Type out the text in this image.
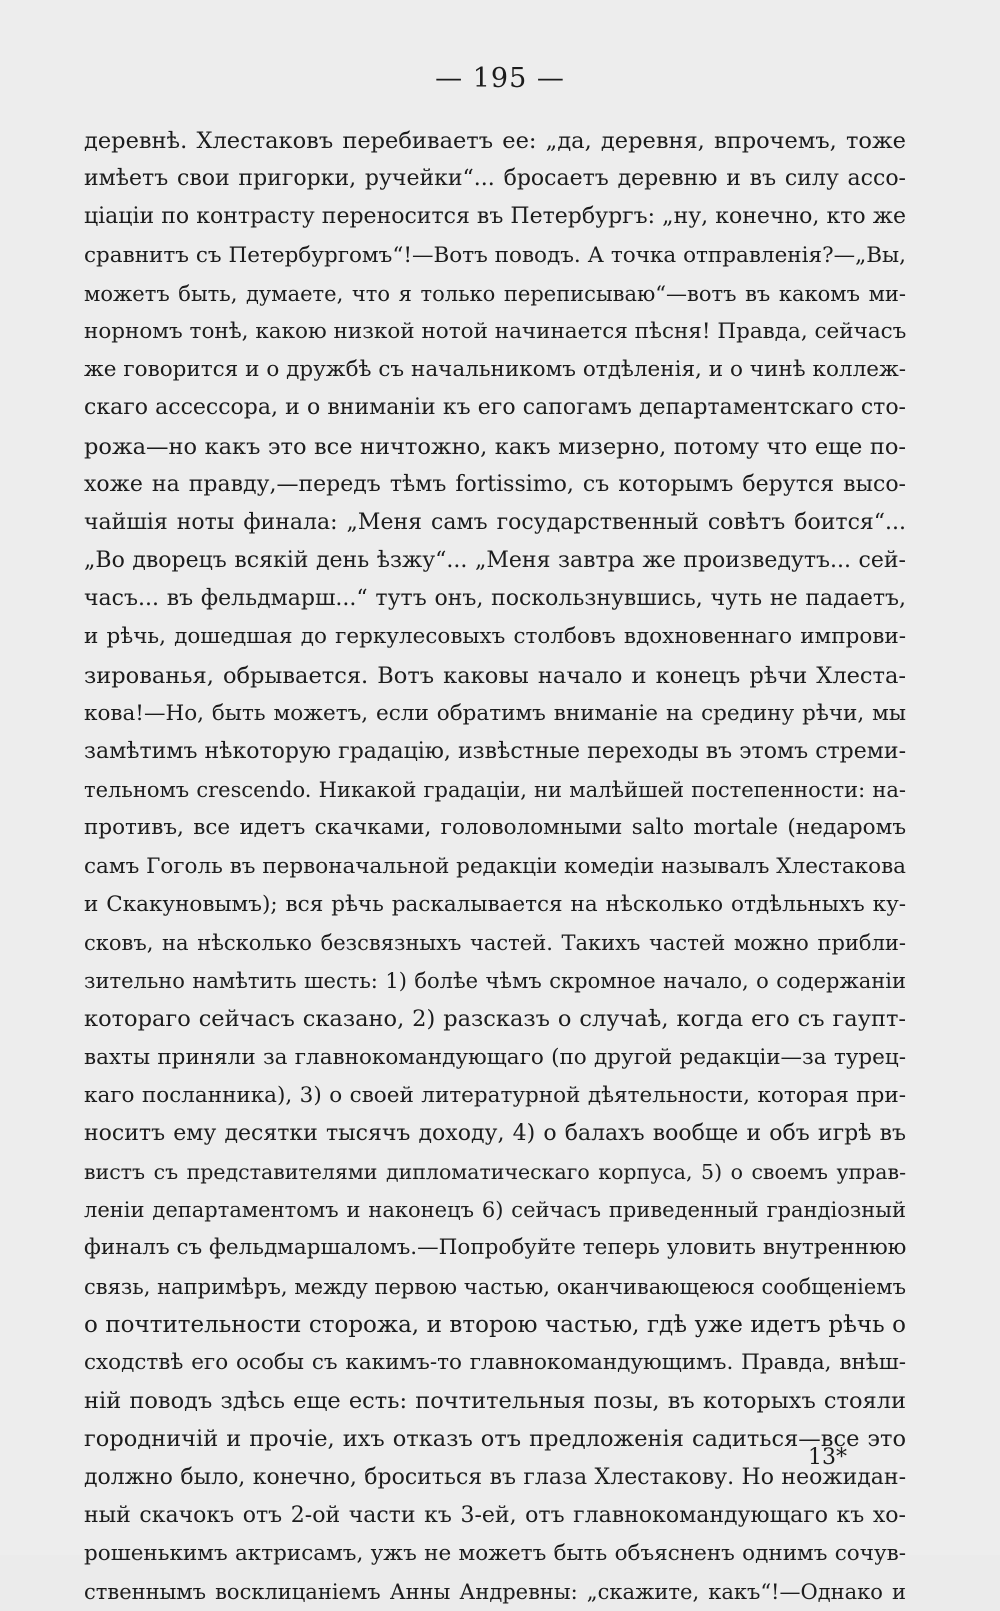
— 195 —
деревнѣ. Хлестаковъ перебиваетъ ее: „да, деревня, впрочемъ, тоже
имѣетъ свои пригорки, ручейки“... бросаетъ деревню и въ силу ассо-
ціаціи по контрасту переносится въ Петербургъ: „ну, конечно, кто же
сравнитъ съ Петербургомъ“!—Вотъ поводъ. А точка отправленія?—„Вы,
можетъ быть, думаете, что я только переписываю“—вотъ въ какомъ ми-
норномъ тонѣ, какою низкой нотой начинается пѣсня! Правда, сейчасъ
же говорится и о дружбѣ съ начальникомъ отдѣленія, и о чинѣ коллеж-
скаго ассессора, и о вниманіи къ его сапогамъ департаментскаго сто-
рожа—но какъ это все ничтожно, какъ мизерно, потому что еще по-
хоже на правду,—передъ тѣмъ fortissimo, съ которымъ берутся высо-
чайшія ноты финала: „Меня самъ государственный совѣтъ боится“...
„Во дворецъ всякій день ѣзжу“... „Меня завтра же произведутъ... сей-
часъ... въ фельдмарш...“ тутъ онъ, поскользнувшись, чуть не падаетъ,
и рѣчь, дошедшая до геркулесовыхъ столбовъ вдохновеннаго импрови-
зированья, обрывается. Вотъ каковы начало и конецъ рѣчи Хлеста-
кова!—Но, быть можетъ, если обратимъ вниманіе на средину рѣчи, мы
замѣтимъ нѣкоторую градацію, извѣстные переходы въ этомъ стреми-
тельномъ crescendo. Никакой градаціи, ни малѣйшей постепенности: на-
противъ, все идетъ скачками, головоломными salto mortale (недаромъ
самъ Гоголь въ первоначальной редакціи комедіи называлъ Хлестакова
и Скакуновымъ); вся рѣчь раскалывается на нѣсколько отдѣльныхъ ку-
сковъ, на нѣсколько безсвязныхъ частей. Такихъ частей можно прибли-
зительно намѣтить шесть: 1) болѣе чѣмъ скромное начало, о содержаніи
котораго сейчасъ сказано, 2) разсказъ о случаѣ, когда его съ гаупт-
вахты приняли за главнокомандующаго (по другой редакціи—за турец-
каго посланника), 3) о своей литературной дѣятельности, которая при-
носитъ ему десятки тысячъ доходу, 4) о балахъ вообще и объ игрѣ въ
вистъ съ представителями дипломатическаго корпуса, 5) о своемъ управ-
леніи департаментомъ и наконецъ 6) сейчасъ приведенный грандіозный
финалъ съ фельдмаршаломъ.—Попробуйте теперь уловить внутреннюю
связь, напримѣръ, между первою частью, оканчивающеюся сообщеніемъ
о почтительности сторожа, и второю частью, гдѣ уже идетъ рѣчь о
сходствѣ его особы съ какимъ-то главнокомандующимъ. Правда, внѣш-
ній поводъ здѣсь еще есть: почтительныя позы, въ которыхъ стояли
городничій и прочіе, ихъ отказъ отъ предложенія садиться—все это
должно было, конечно, броситься въ глаза Хлестакову. Но неожидан-
ный скачокъ отъ 2-ой части къ 3-ей, отъ главнокомандующаго къ хо-
рошенькимъ актрисамъ, ужъ не можетъ быть объясненъ однимъ сочув-
ственнымъ восклицаніемъ Анны Андревны: „скажите, какъ“!—Однако и
13*
